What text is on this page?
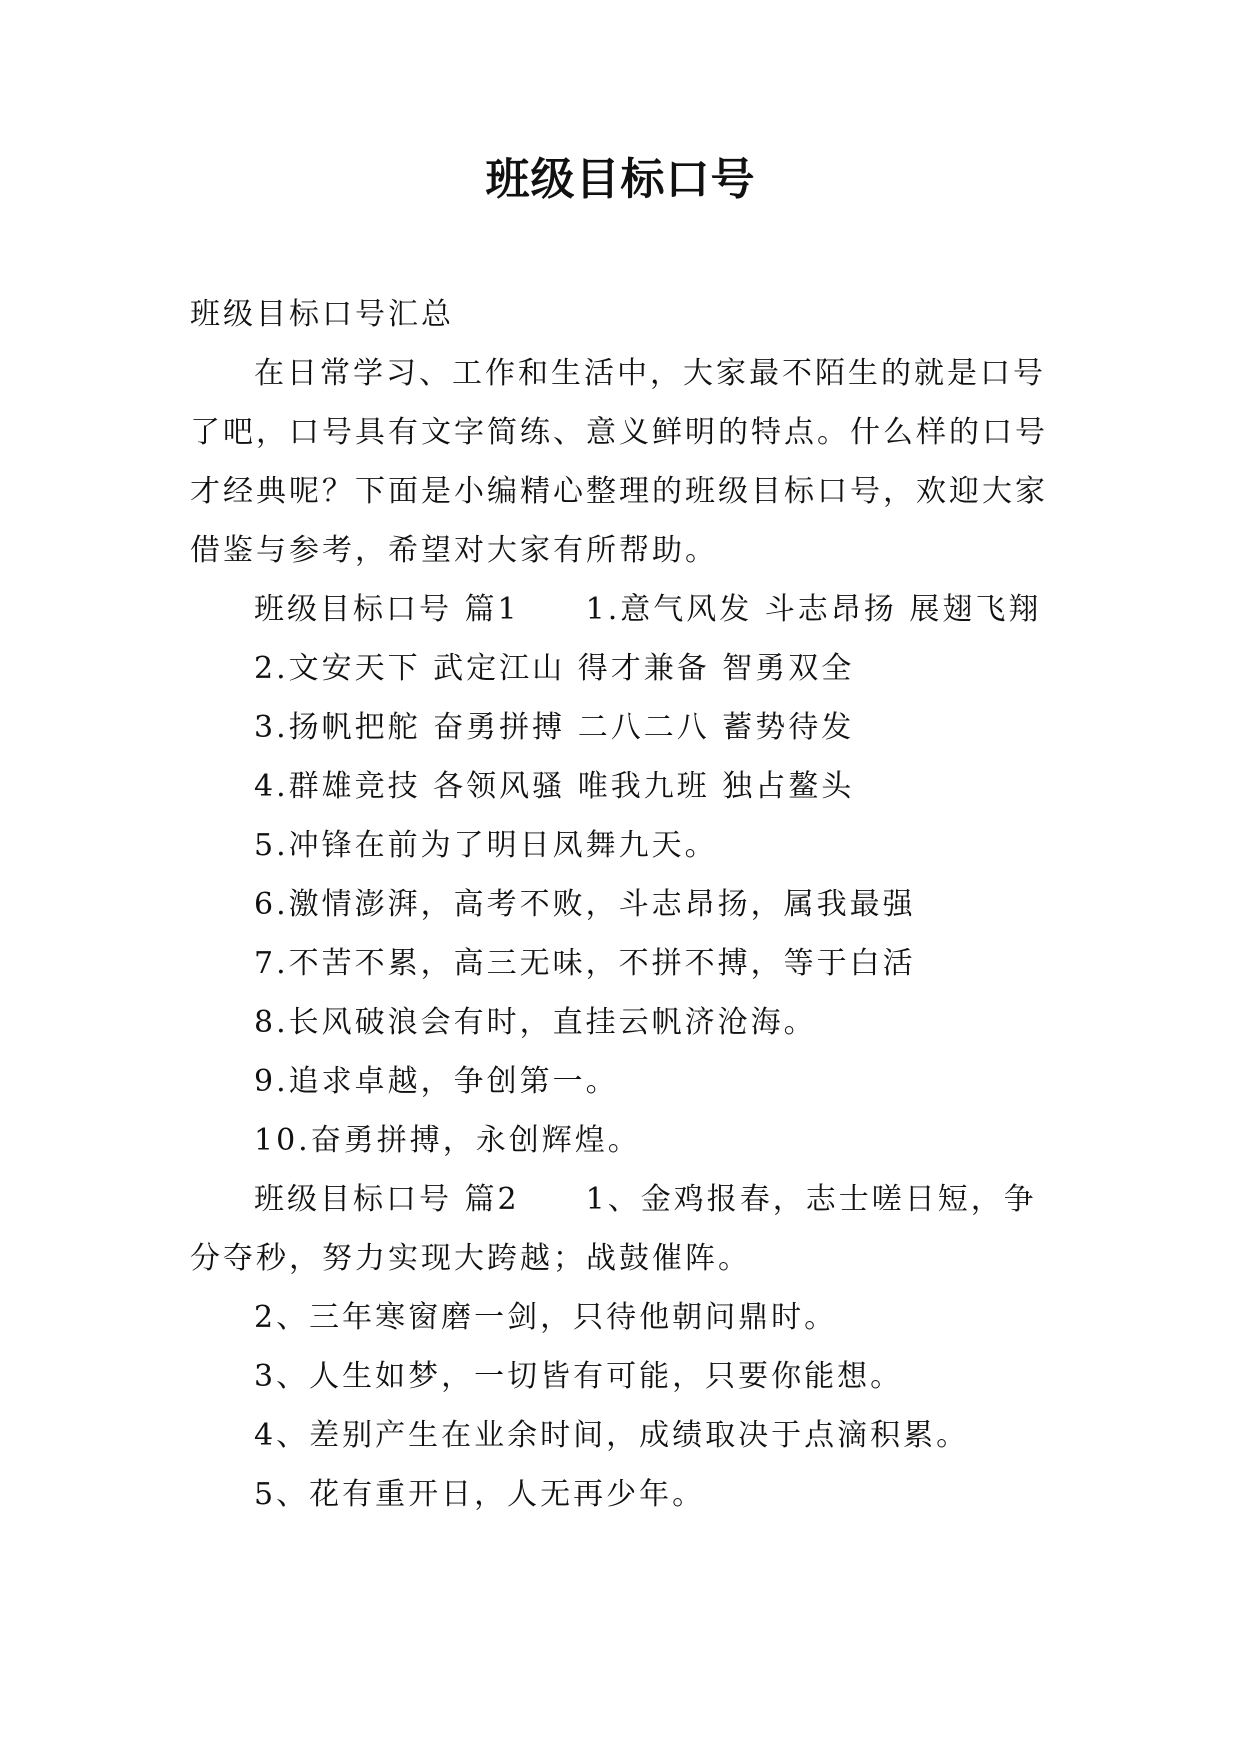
班级目标口号

班级目标口号汇总

在日常学习、工作和生活中，大家最不陌生的就是口号了吧，口号具有文字简练、意义鲜明的特点。什么样的口号才经典呢？下面是小编精心整理的班级目标口号，欢迎大家借鉴与参考，希望对大家有所帮助。

班级目标口号 篇1　　1.意气风发 斗志昂扬 展翅飞翔

2.文安天下 武定江山 得才兼备 智勇双全

3.扬帆把舵 奋勇拼搏 二八二八 蓄势待发

4.群雄竞技 各领风骚 唯我九班 独占鳌头

5.冲锋在前为了明日凤舞九天。

6.激情澎湃，高考不败，斗志昂扬，属我最强

7.不苦不累，高三无味，不拼不搏，等于白活

8.长风破浪会有时，直挂云帆济沧海。

9.追求卓越，争创第一。

10.奋勇拼搏，永创辉煌。

班级目标口号 篇2　　1、金鸡报春，志士嗟日短，争分夺秒，努力实现大跨越；战鼓催阵。

2、三年寒窗磨一剑，只待他朝问鼎时。

3、人生如梦，一切皆有可能，只要你能想。

4、差别产生在业余时间，成绩取决于点滴积累。

5、花有重开日，人无再少年。
